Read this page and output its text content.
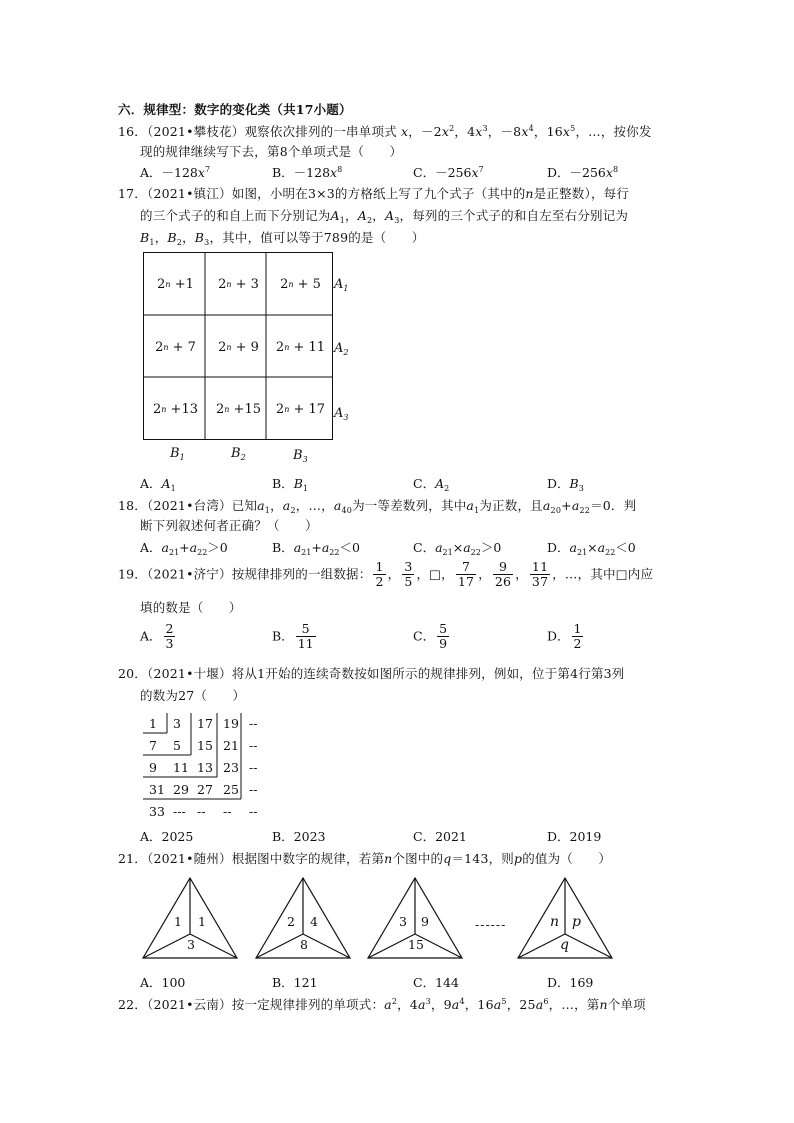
六．规律型：数字的变化类（共17小题）
16．（2021•攀枝花）观察依次排列的一串单项式 x，$-2x^2$，$4x^3$，$-8x^4$，$16x^5$，…，按你发
现的规律继续写下去，第8个单项式是（　　）
A．$-128x^7$	B．$-128x^8$	C．$-256x^7$	D．$-256x^8$
17．（2021•镇江）如图，小明在3×3的方格纸上写了九个式子（其中的n是正整数），每行
的三个式子的和自上而下分别记为$A_1$，$A_2$，$A_3$，每列的三个式子的和自左至右分别记为
$B_1$，$B_2$，$B_3$，其中，值可以等于789的是（　　）
2 n +1	2 n + 3	2 n + 5
2 n + 7	2 n + 9	2 n + 11
2 n +13	2 n +15	2 n + 17
$A_1$
$A_2$
$A_3$
$B_1$	$B_2$	$B_3$
A．$A_1$	B．$B_1$	C．$A_2$	D．$B_3$
18．（2021•台湾）已知$a_1$，$a_2$，…，$a_{40}$为一等差数列，其中$a_1$为正数，且$a_{20}+a_{22}=0$．判
断下列叙述何者正确？（　　）
A．$a_{21}+a_{22}>0$	B．$a_{21}+a_{22}<0$	C．$a_{21}\times a_{22}>0$	D．$a_{21}\times a_{22}<0$
19．（2021•济宁）按规律排列的一组数据： $\frac{1}{2}$ ， $\frac{3}{5}$ ，□， $\frac{7}{17}$ ， $\frac{9}{26}$ ， $\frac{11}{37}$ ，…，其中□内应
填的数是（　　）
A． $\frac{2}{3}$	B． $\frac{5}{11}$	C． $\frac{5}{9}$	D． $\frac{1}{2}$
20．（2021•十堰）将从1开始的连续奇数按如图所示的规律排列，例如，位于第4行第3列
的数为27（　　）
1 3 17 19 --
7 5 15 21 --
9 11 13 23 --
31 29 27 25 --
33 --- -- -- --
A．2025	B．2023	C．2021	D．2019
21．（2021•随州）根据图中数字的规律，若第n个图中的q＝143，则p的值为（　　）
1 1
3
2 4
8
3 9
15
------	n p
q
A．100	B．121	C．144	D．169
22．（2021•云南）按一定规律排列的单项式：$a^2$，$4a^3$，$9a^4$，$16a^5$，$25a^6$，…，第n个单项
